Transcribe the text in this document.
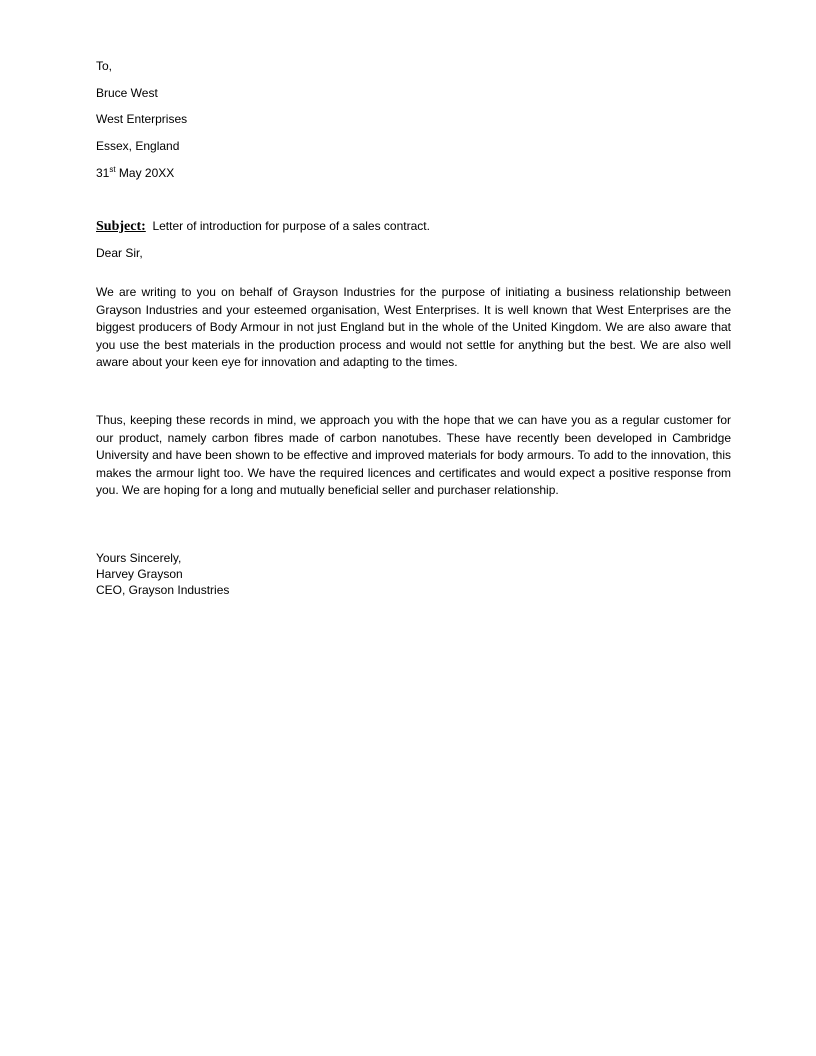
To,
Bruce West
West Enterprises
Essex, England
31st May 20XX
Subject: Letter of introduction for purpose of a sales contract.
Dear Sir,
We are writing to you on behalf of Grayson Industries for the purpose of initiating a business relationship between Grayson Industries and your esteemed organisation, West Enterprises. It is well known that West Enterprises are the biggest producers of Body Armour in not just England but in the whole of the United Kingdom. We are also aware that you use the best materials in the production process and would not settle for anything but the best. We are also well aware about your keen eye for innovation and adapting to the times.
Thus, keeping these records in mind, we approach you with the hope that we can have you as a regular customer for our product, namely carbon fibres made of carbon nanotubes. These have recently been developed in Cambridge University and have been shown to be effective and improved materials for body armours. To add to the innovation, this makes the armour light too. We have the required licences and certificates and would expect a positive response from you. We are hoping for a long and mutually beneficial seller and purchaser relationship.
Yours Sincerely,
Harvey Grayson
CEO, Grayson Industries
